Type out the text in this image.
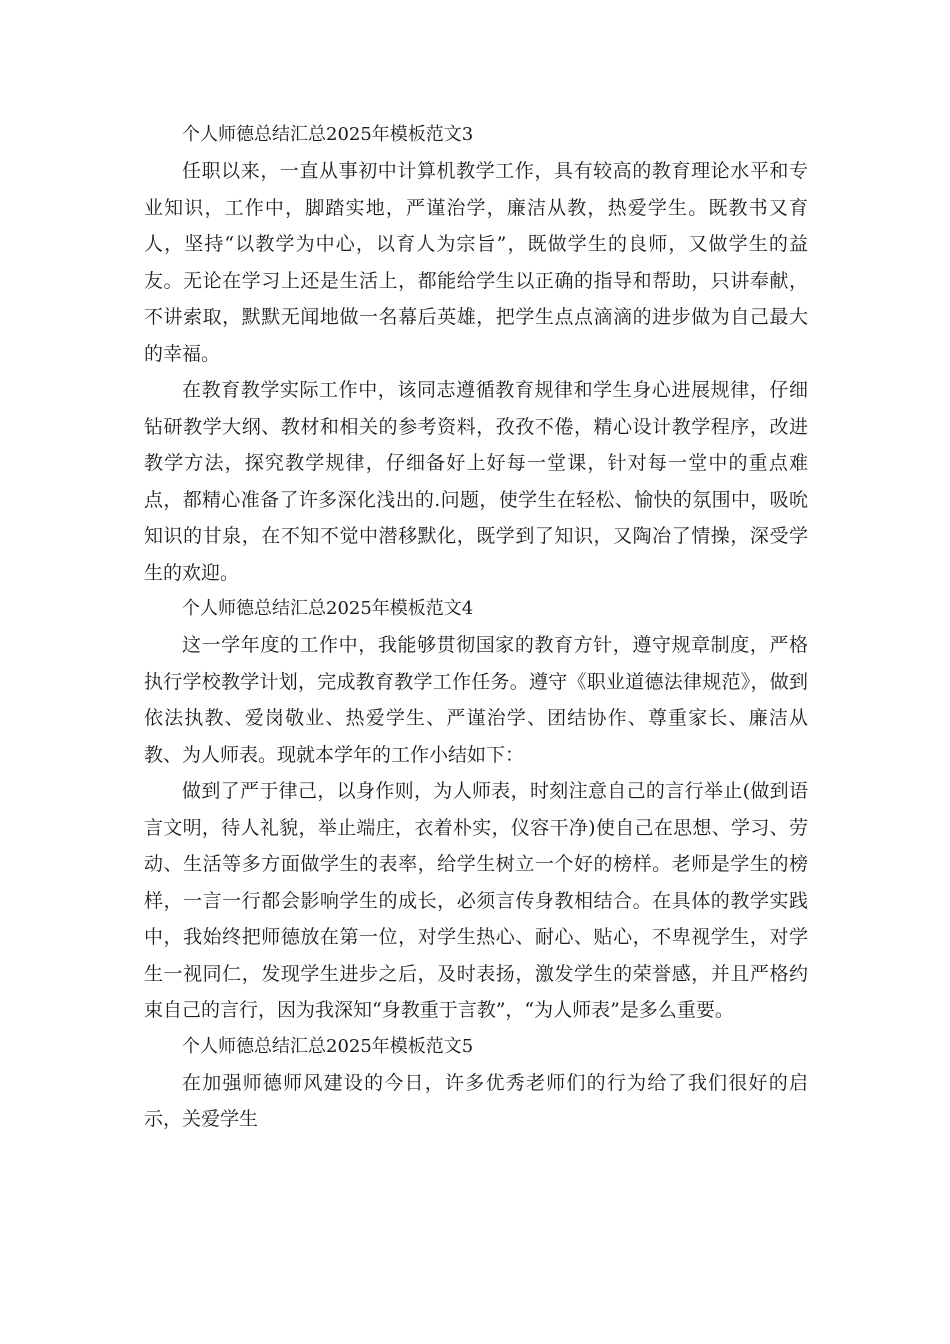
个人师德总结汇总2025年模板范文3

任职以来，一直从事初中计算机教学工作，具有较高的教育理论水平和专业知识，工作中，脚踏实地，严谨治学，廉洁从教，热爱学生。既教书又育人，坚持“以教学为中心，以育人为宗旨”，既做学生的良师，又做学生的益友。无论在学习上还是生活上，都能给学生以正确的指导和帮助，只讲奉献，不讲索取，默默无闻地做一名幕后英雄，把学生点点滴滴的进步做为自己最大的幸福。

在教育教学实际工作中，该同志遵循教育规律和学生身心进展规律，仔细钻研教学大纲、教材和相关的参考资料，孜孜不倦，精心设计教学程序，改进教学方法，探究教学规律，仔细备好上好每一堂课，针对每一堂中的重点难点，都精心准备了许多深化浅出的.问题，使学生在轻松、愉快的氛围中，吸吮知识的甘泉，在不知不觉中潜移默化，既学到了知识，又陶冶了情操，深受学生的欢迎。

个人师德总结汇总2025年模板范文4

这一学年度的工作中，我能够贯彻国家的教育方针，遵守规章制度，严格执行学校教学计划，完成教育教学工作任务。遵守《职业道德法律规范》，做到依法执教、爱岗敬业、热爱学生、严谨治学、团结协作、尊重家长、廉洁从教、为人师表。现就本学年的工作小结如下：

做到了严于律己，以身作则，为人师表，时刻注意自己的言行举止(做到语言文明，待人礼貌，举止端庄，衣着朴实，仪容干净)使自己在思想、学习、劳动、生活等多方面做学生的表率，给学生树立一个好的榜样。老师是学生的榜样，一言一行都会影响学生的成长，必须言传身教相结合。在具体的教学实践中，我始终把师德放在第一位，对学生热心、耐心、贴心，不卑视学生，对学生一视同仁，发现学生进步之后，及时表扬，激发学生的荣誉感，并且严格约束自己的言行，因为我深知“身教重于言教”，“为人师表”是多么重要。

个人师德总结汇总2025年模板范文5

在加强师德师风建设的今日，许多优秀老师们的行为给了我们很好的启示，关爱学生
